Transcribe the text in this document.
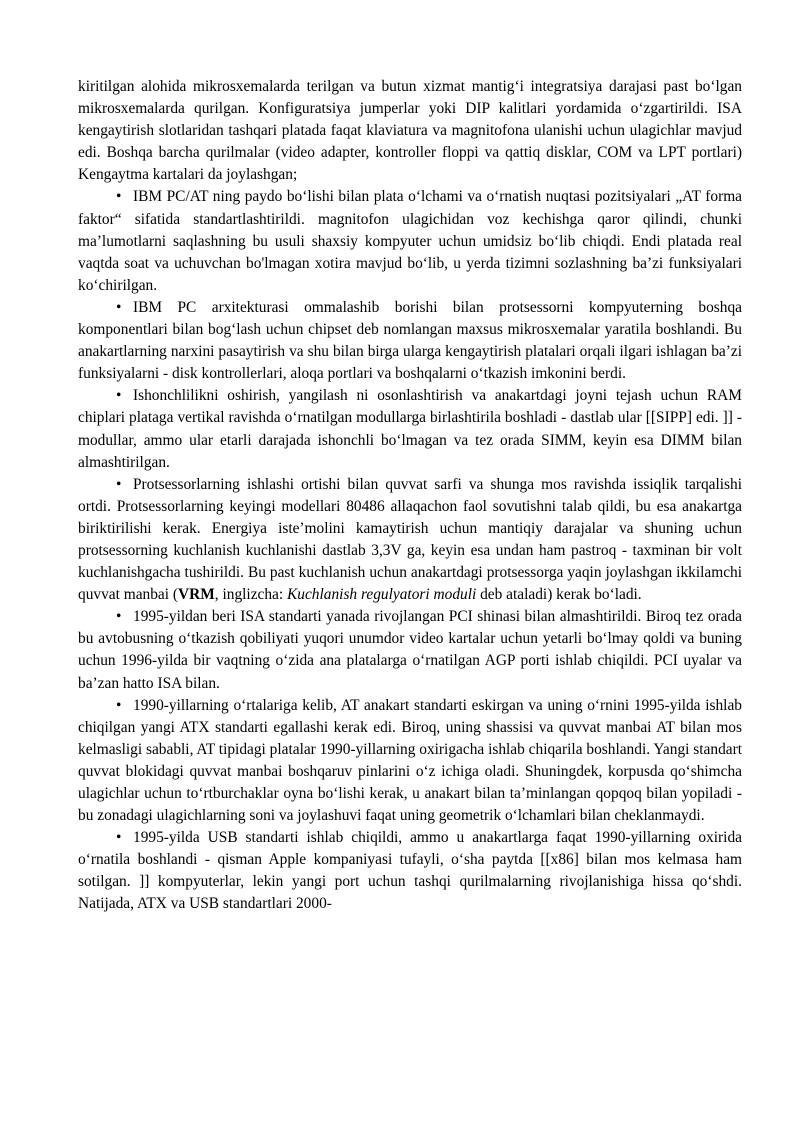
kiritilgan alohida mikrosxemalarda terilgan va butun xizmat mantig‘i integratsiya darajasi past bo‘lgan mikrosxemalarda qurilgan. Konfiguratsiya jumperlar yoki DIP kalitlari yordamida o‘zgartirildi. ISA kengaytirish slotlaridan tashqari platada faqat klaviatura va magnitofona ulanishi uchun ulagichlar mavjud edi. Boshqa barcha qurilmalar (video adapter, kontroller floppi va qattiq disklar, COM va LPT portlari) Kengaytma kartalari da joylashgan;

• IBM PC/AT ning paydo bo‘lishi bilan plata o‘lchami va o‘rnatish nuqtasi pozitsiyalari „AT forma faktor“ sifatida standartlashtirildi. magnitofon ulagichidan voz kechishga qaror qilindi, chunki ma’lumotlarni saqlashning bu usuli shaxsiy kompyuter uchun umidsiz bo‘lib chiqdi. Endi platada real vaqtda soat va uchuvchan bo'lmagan xotira mavjud bo‘lib, u yerda tizimni sozlashning ba’zi funksiyalari ko‘chirilgan.

• IBM PC arxitekturasi ommalashib borishi bilan protsessorni kompyuterning boshqa komponentlari bilan bog‘lash uchun chipset deb nomlangan maxsus mikrosxemalar yaratila boshlandi. Bu anakartlarning narxini pasaytirish va shu bilan birga ularga kengaytirish platalari orqali ilgari ishlagan ba’zi funksiyalarni - disk kontrollerlari, aloqa portlari va boshqalarni o‘tkazish imkonini berdi.

• Ishonchlilikni oshirish, yangilash ni osonlashtirish va anakartdagi joyni tejash uchun RAM chiplari plataga vertikal ravishda o‘rnatilgan modullarga birlashtirila boshladi - dastlab ular [[SIPP] edi. ]] - modullar, ammo ular etarli darajada ishonchli bo‘lmagan va tez orada SIMM, keyin esa DIMM bilan almashtirilgan.

• Protsessorlarning ishlashi ortishi bilan quvvat sarfi va shunga mos ravishda issiqlik tarqalishi ortdi. Protsessorlarning keyingi modellari 80486 allaqachon faol sovutishni talab qildi, bu esa anakartga biriktirilishi kerak. Energiya iste’molini kamaytirish uchun mantiqiy darajalar va shuning uchun protsessorning kuchlanish kuchlanishi dastlab 3,3V ga, keyin esa undan ham pastroq - taxminan bir volt kuchlanishgacha tushirildi. Bu past kuchlanish uchun anakartdagi protsessorga yaqin joylashgan ikkilamchi quvvat manbai (VRM, inglizcha: Kuchlanish regulyatori moduli deb ataladi) kerak bo‘ladi.

• 1995-yildan beri ISA standarti yanada rivojlangan PCI shinasi bilan almashtirildi. Biroq tez orada bu avtobusning o‘tkazish qobiliyati yuqori unumdor video kartalar uchun yetarli bo‘lmay qoldi va buning uchun 1996-yilda bir vaqtning o‘zida ana platalarga o‘rnatilgan AGP porti ishlab chiqildi. PCI uyalar va ba’zan hatto ISA bilan.

• 1990-yillarning o‘rtalariga kelib, AT anakart standarti eskirgan va uning o‘rnini 1995-yilda ishlab chiqilgan yangi ATX standarti egallashi kerak edi. Biroq, uning shassisi va quvvat manbai AT bilan mos kelmasligi sababli, AT tipidagi platalar 1990-yillarning oxirigacha ishlab chiqarila boshlandi. Yangi standart quvvat blokidagi quvvat manbai boshqaruv pinlarini o‘z ichiga oladi. Shuningdek, korpusda qo‘shimcha ulagichlar uchun to‘rtburchaklar oyna bo‘lishi kerak, u anakart bilan ta’minlangan qopqoq bilan yopiladi - bu zonadagi ulagichlarning soni va joylashuvi faqat uning geometrik o‘lchamlari bilan cheklanmaydi.

• 1995-yilda USB standarti ishlab chiqildi, ammo u anakartlarga faqat 1990-yillarning oxirida o‘rnatila boshlandi - qisman Apple kompaniyasi tufayli, o‘sha paytda [[x86] bilan mos kelmasa ham sotilgan. ]] kompyuterlar, lekin yangi port uchun tashqi qurilmalarning rivojlanishiga hissa qo‘shdi. Natijada, ATX va USB standartlari 2000-
